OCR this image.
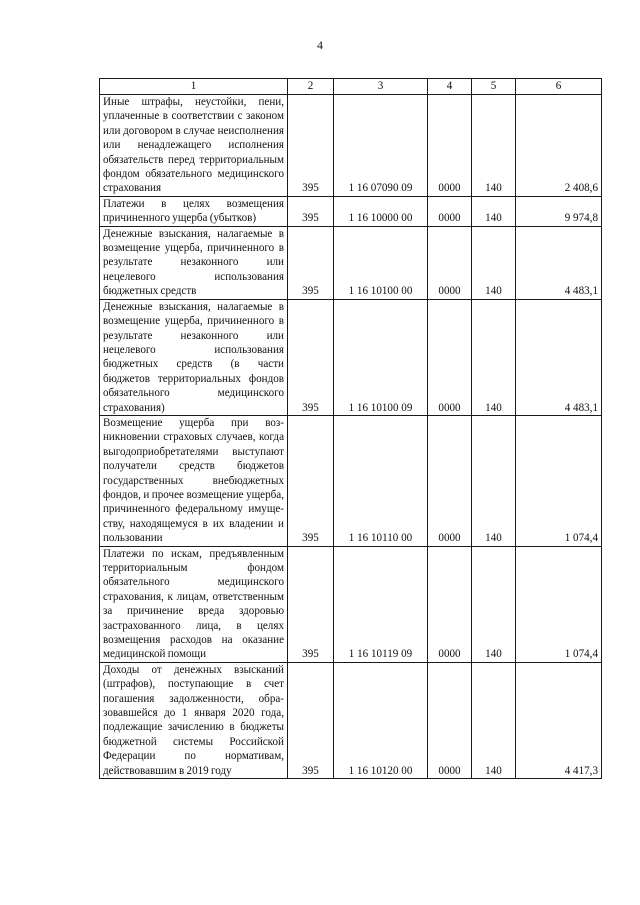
4
1	2	3	4	5	6
Иные штрафы, неустойки, пени, уплаченные в соответствии с законом или договором в случае неисполнения или ненадлежащего исполнения обязательств перед территориальным фондом обязательного медицинского страхования	395	1 16 07090 09	0000	140	2 408,6
Платежи в целях возмещения причиненного ущерба (убытков)	395	1 16 10000 00	0000	140	9 974,8
Денежные взыскания, налагаемые в возмещение ущерба, причиненного в результате незаконного или нецелевого использования бюджетных средств	395	1 16 10100 00	0000	140	4 483,1
Денежные взыскания, налагаемые в возмещение ущерба, причиненного в результате незаконного или нецелевого использования бюджетных средств (в части бюджетов территориальных фондов обязательного медицинского страхования)	395	1 16 10100 09	0000	140	4 483,1
Возмещение ущерба при возникновении страховых случаев, когда выгодоприобретателями выступают получатели средств бюджетов государственных внебюджетных фондов, и прочее возмещение ущерба, причиненного федеральному имуществу, находящемуся в их владении и пользовании	395	1 16 10110 00	0000	140	1 074,4
Платежи по искам, предъявленным территориальным фондом обязательного медицинского страхования, к лицам, ответственным за причинение вреда здоровью застрахованного лица, в целях возмещения расходов на оказание медицинской помощи	395	1 16 10119 09	0000	140	1 074,4
Доходы от денежных взысканий (штрафов), поступающие в счет погашения задолженности, образовавшейся до 1 января 2020 года, подлежащие зачислению в бюджеты бюджетной системы Российской Федерации по нормативам, действовавшим в 2019 году	395	1 16 10120 00	0000	140	4 417,3
